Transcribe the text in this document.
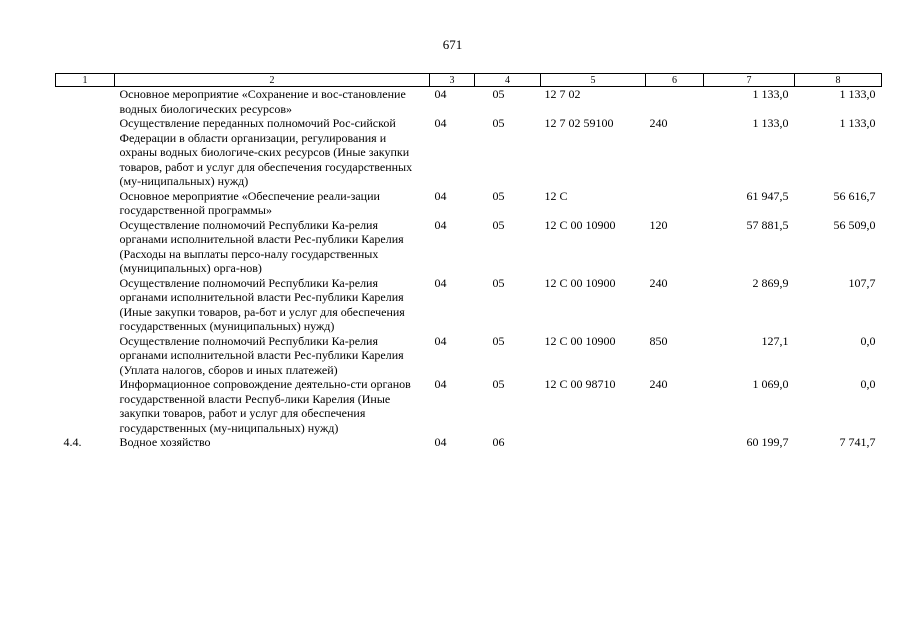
671
1	2	3	4	5	6	7	8
	Основное мероприятие «Сохранение и вос-становление водных биологических ресурсов»	04	05	12 7 02		1 133,0	1 133,0
	Осуществление переданных полномочий Рос-сийской Федерации в области организации, регулирования и охраны водных биологиче-ских ресурсов (Иные закупки товаров, работ и услуг для обеспечения государственных (му-ниципальных) нужд)	04	05	12 7 02 59100	240	1 133,0	1 133,0
	Основное мероприятие «Обеспечение реали-зации государственной программы»	04	05	12 С		61 947,5	56 616,7
	Осуществление полномочий Республики Ка-релия органами исполнительной власти Рес-публики Карелия (Расходы на выплаты персо-налу государственных (муниципальных) орга-нов)	04	05	12 С 00 10900	120	57 881,5	56 509,0
	Осуществление полномочий Республики Ка-релия органами исполнительной власти Рес-публики Карелия (Иные закупки товаров, ра-бот и услуг для обеспечения государственных (муниципальных) нужд)	04	05	12 С 00 10900	240	2 869,9	107,7
	Осуществление полномочий Республики Ка-релия органами исполнительной власти Рес-публики Карелия (Уплата налогов, сборов и иных платежей)	04	05	12 С 00 10900	850	127,1	0,0
	Информационное сопровождение деятельно-сти органов государственной власти Респуб-лики Карелия (Иные закупки товаров, работ и услуг для обеспечения государственных (му-ниципальных) нужд)	04	05	12 С 00 98710	240	1 069,0	0,0
4.4.	Водное хозяйство	04	06			60 199,7	7 741,7
